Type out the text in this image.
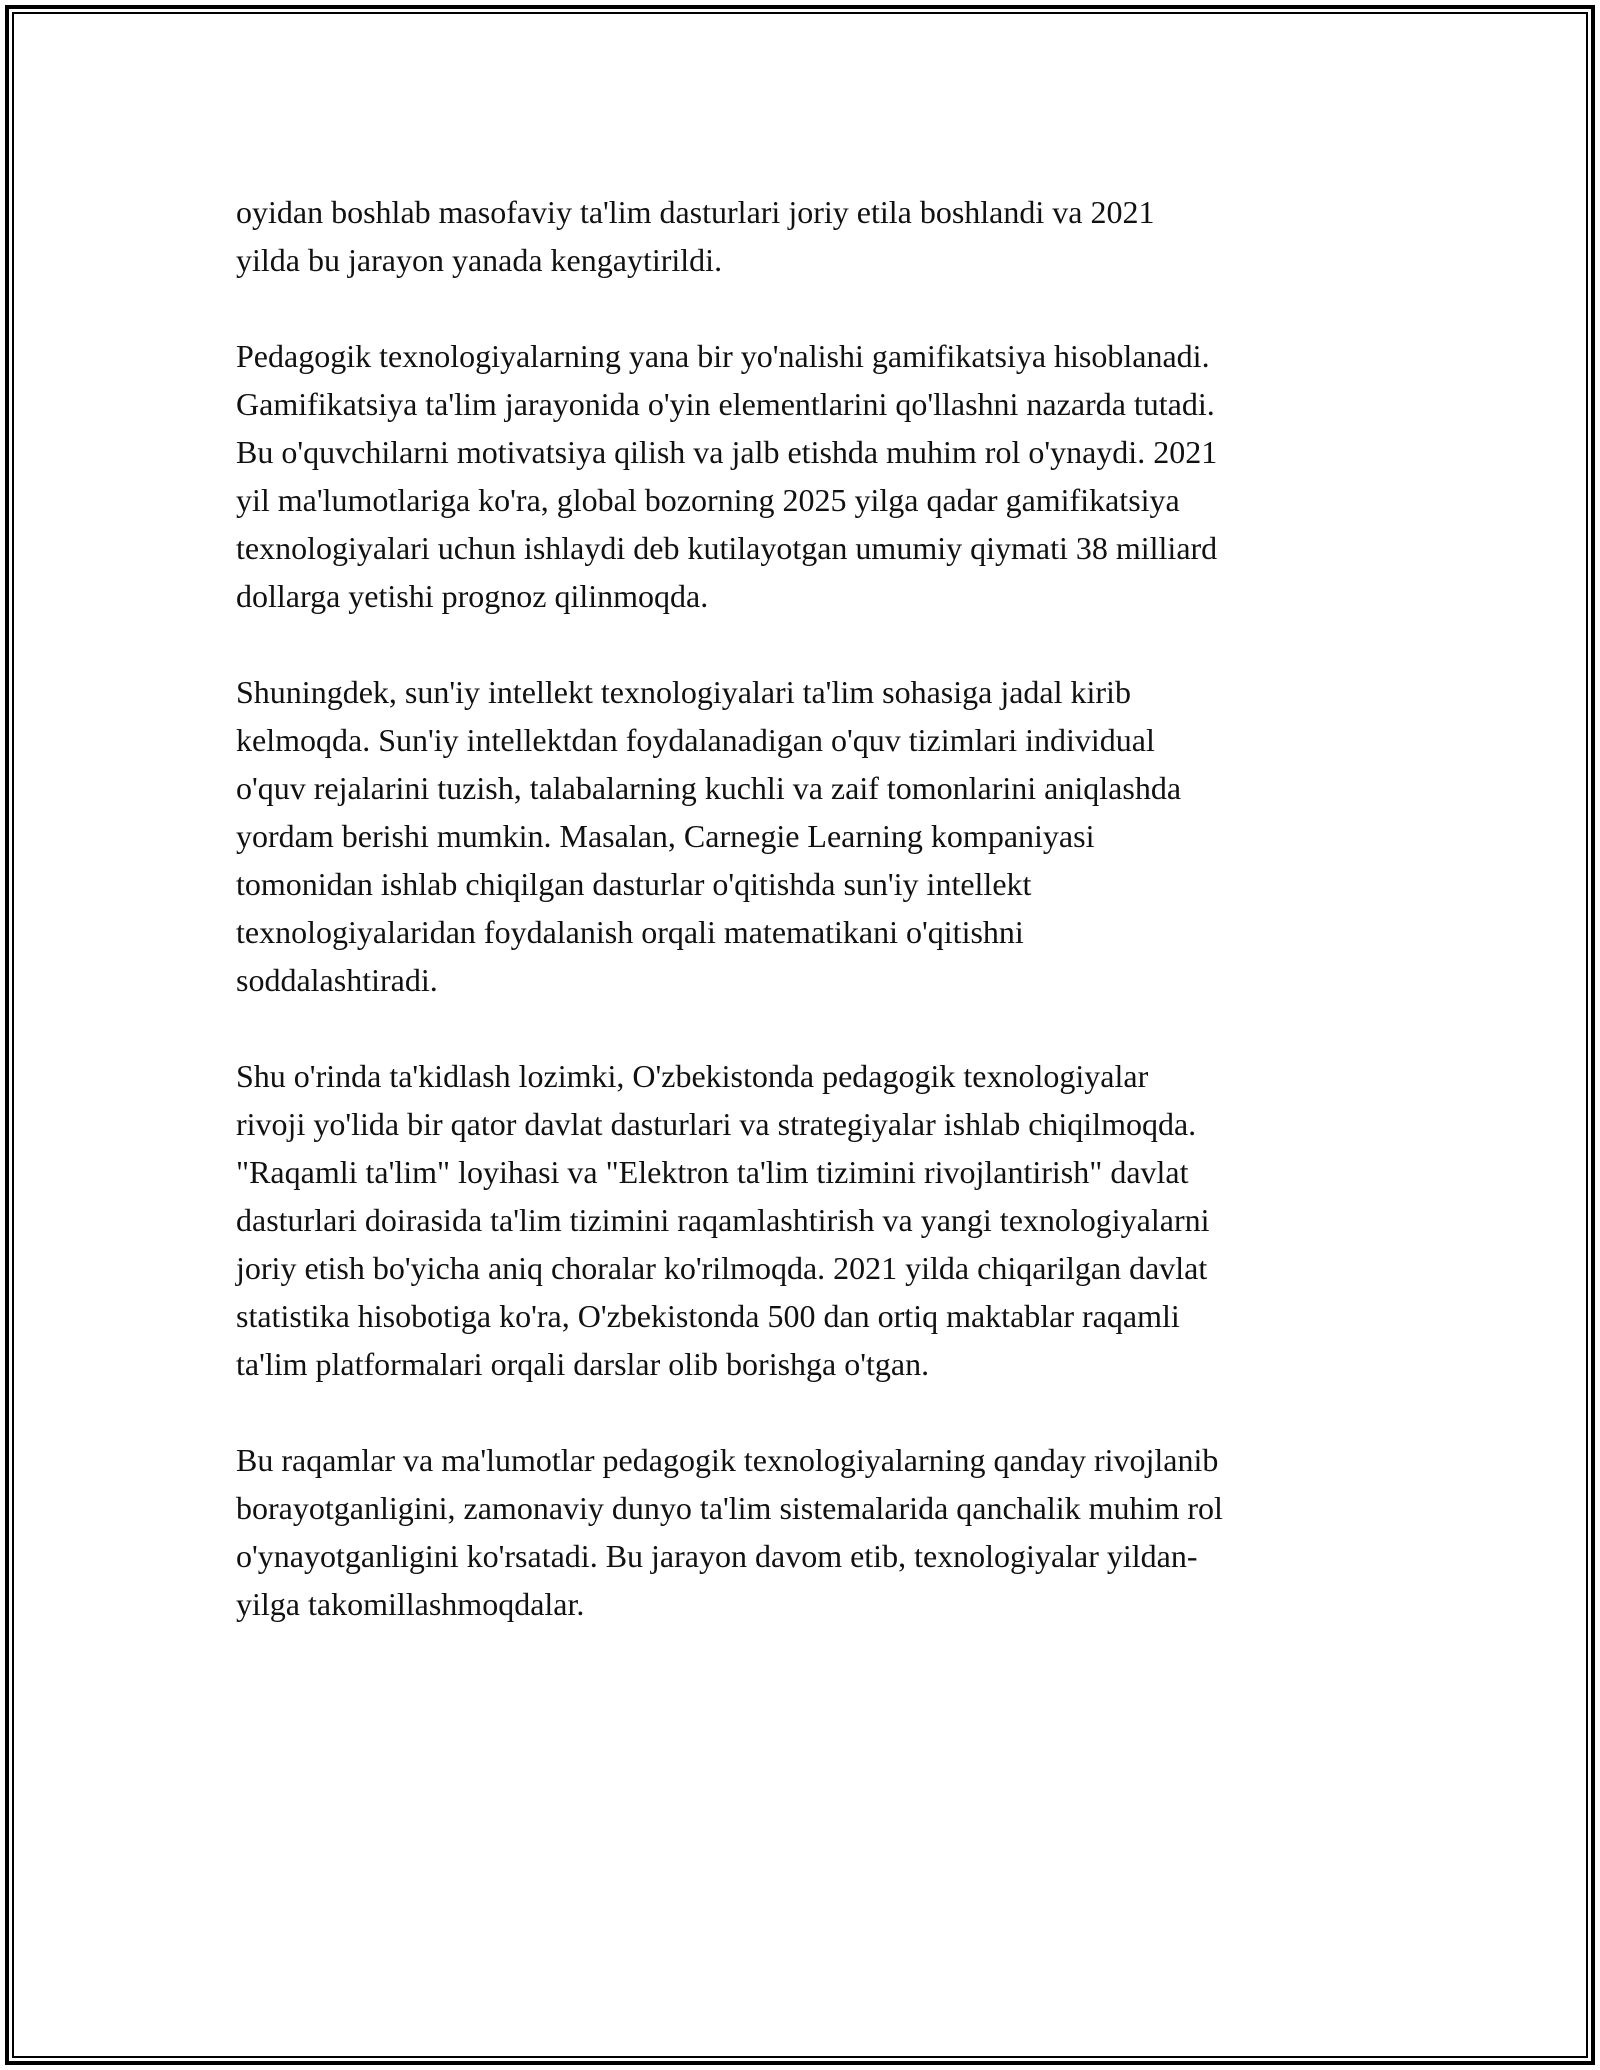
oyidan boshlab masofaviy ta'lim dasturlari joriy etila boshlandi va 2021
yilda bu jarayon yanada kengaytirildi.

Pedagogik texnologiyalarning yana bir yo'nalishi gamifikatsiya hisoblanadi.
Gamifikatsiya ta'lim jarayonida o'yin elementlarini qo'llashni nazarda tutadi.
Bu o'quvchilarni motivatsiya qilish va jalb etishda muhim rol o'ynaydi. 2021
yil ma'lumotlariga ko'ra, global bozorning 2025 yilga qadar gamifikatsiya
texnologiyalari uchun ishlaydi deb kutilayotgan umumiy qiymati 38 milliard
dollarga yetishi prognoz qilinmoqda.

Shuningdek, sun'iy intellekt texnologiyalari ta'lim sohasiga jadal kirib
kelmoqda. Sun'iy intellektdan foydalanadigan o'quv tizimlari individual
o'quv rejalarini tuzish, talabalarning kuchli va zaif tomonlarini aniqlashda
yordam berishi mumkin. Masalan, Carnegie Learning kompaniyasi
tomonidan ishlab chiqilgan dasturlar o'qitishda sun'iy intellekt
texnologiyalaridan foydalanish orqali matematikani o'qitishni
soddalashtiradi.

Shu o'rinda ta'kidlash lozimki, O'zbekistonda pedagogik texnologiyalar
rivoji yo'lida bir qator davlat dasturlari va strategiyalar ishlab chiqilmoqda.
"Raqamli ta'lim" loyihasi va "Elektron ta'lim tizimini rivojlantirish" davlat
dasturlari doirasida ta'lim tizimini raqamlashtirish va yangi texnologiyalarni
joriy etish bo'yicha aniq choralar ko'rilmoqda. 2021 yilda chiqarilgan davlat
statistika hisobotiga ko'ra, O'zbekistonda 500 dan ortiq maktablar raqamli
ta'lim platformalari orqali darslar olib borishga o'tgan.

Bu raqamlar va ma'lumotlar pedagogik texnologiyalarning qanday rivojlanib
borayotganligini, zamonaviy dunyo ta'lim sistemalarida qanchalik muhim rol
o'ynayotganligini ko'rsatadi. Bu jarayon davom etib, texnologiyalar yildan-
yilga takomillashmoqdalar.
